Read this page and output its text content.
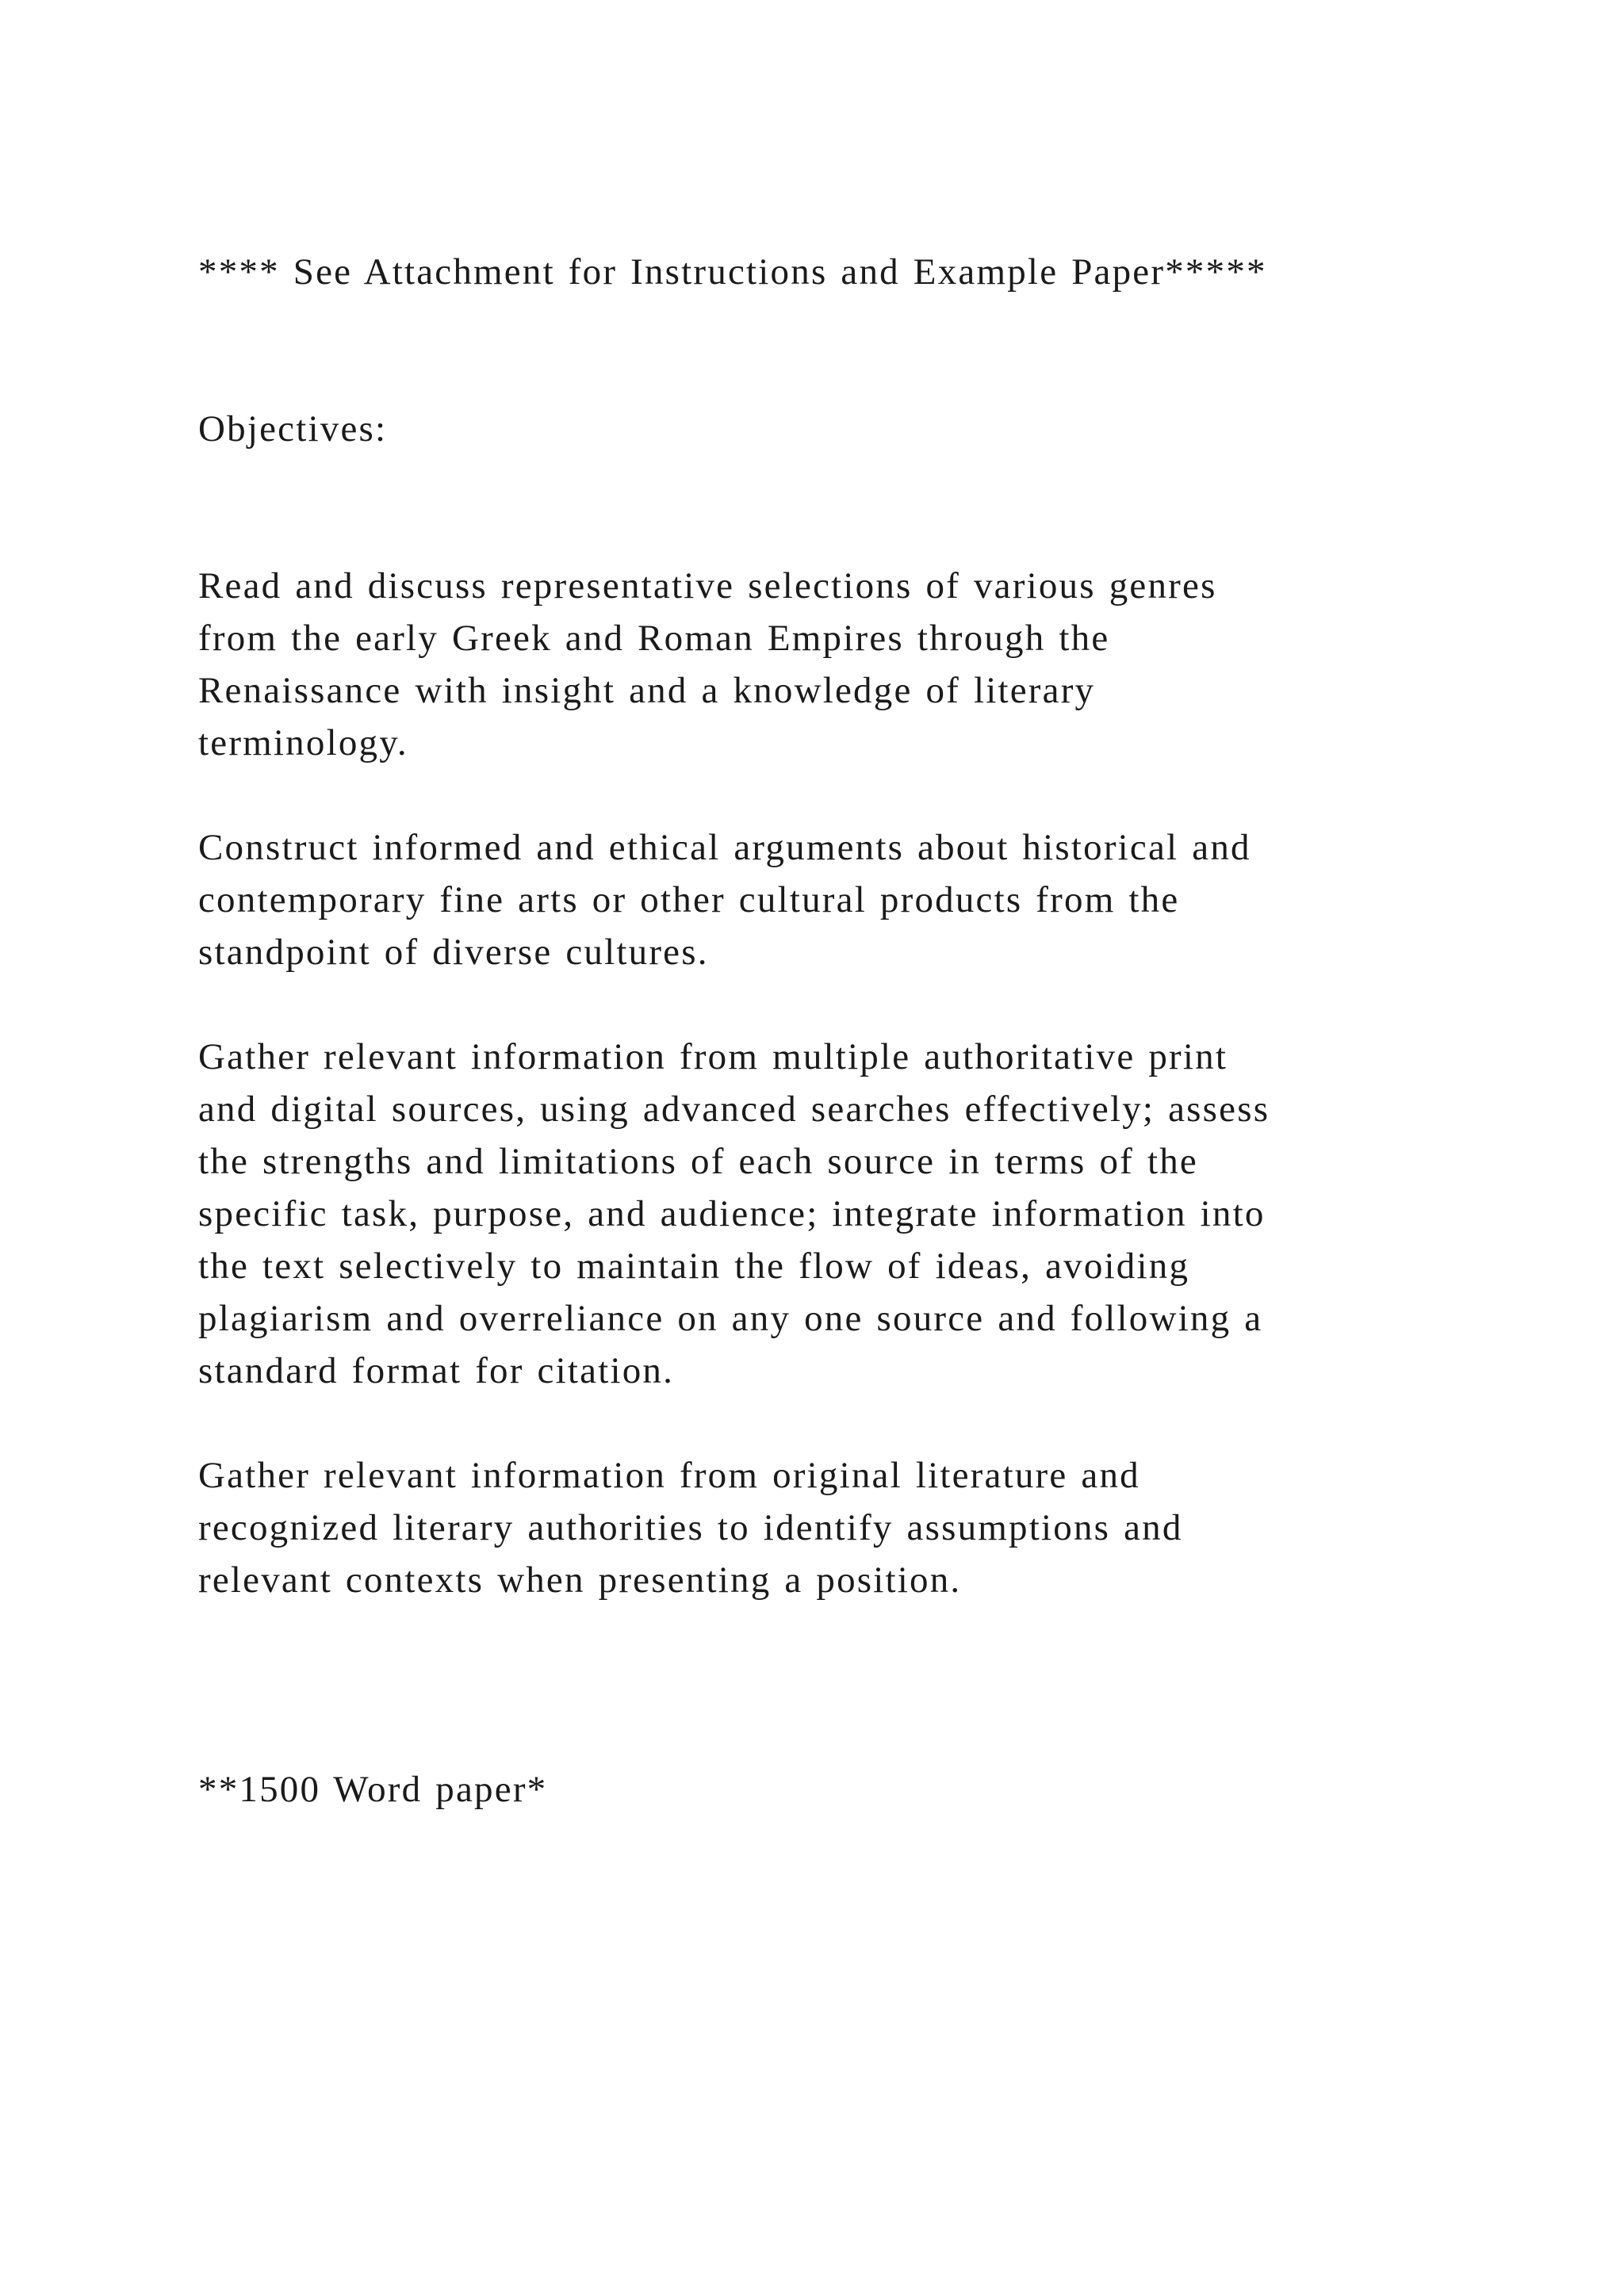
**** See Attachment for Instructions and Example Paper*****
Objectives:
Read and discuss representative selections of various genres
from the early Greek and Roman Empires through the
Renaissance with insight and a knowledge of literary
terminology.
Construct informed and ethical arguments about historical and
contemporary fine arts or other cultural products from the
standpoint of diverse cultures.
Gather relevant information from multiple authoritative print
and digital sources, using advanced searches effectively; assess
the strengths and limitations of each source in terms of the
specific task, purpose, and audience; integrate information into
the text selectively to maintain the flow of ideas, avoiding
plagiarism and overreliance on any one source and following a
standard format for citation.
Gather relevant information from original literature and
recognized literary authorities to identify assumptions and
relevant contexts when presenting a position.
**1500 Word paper*
